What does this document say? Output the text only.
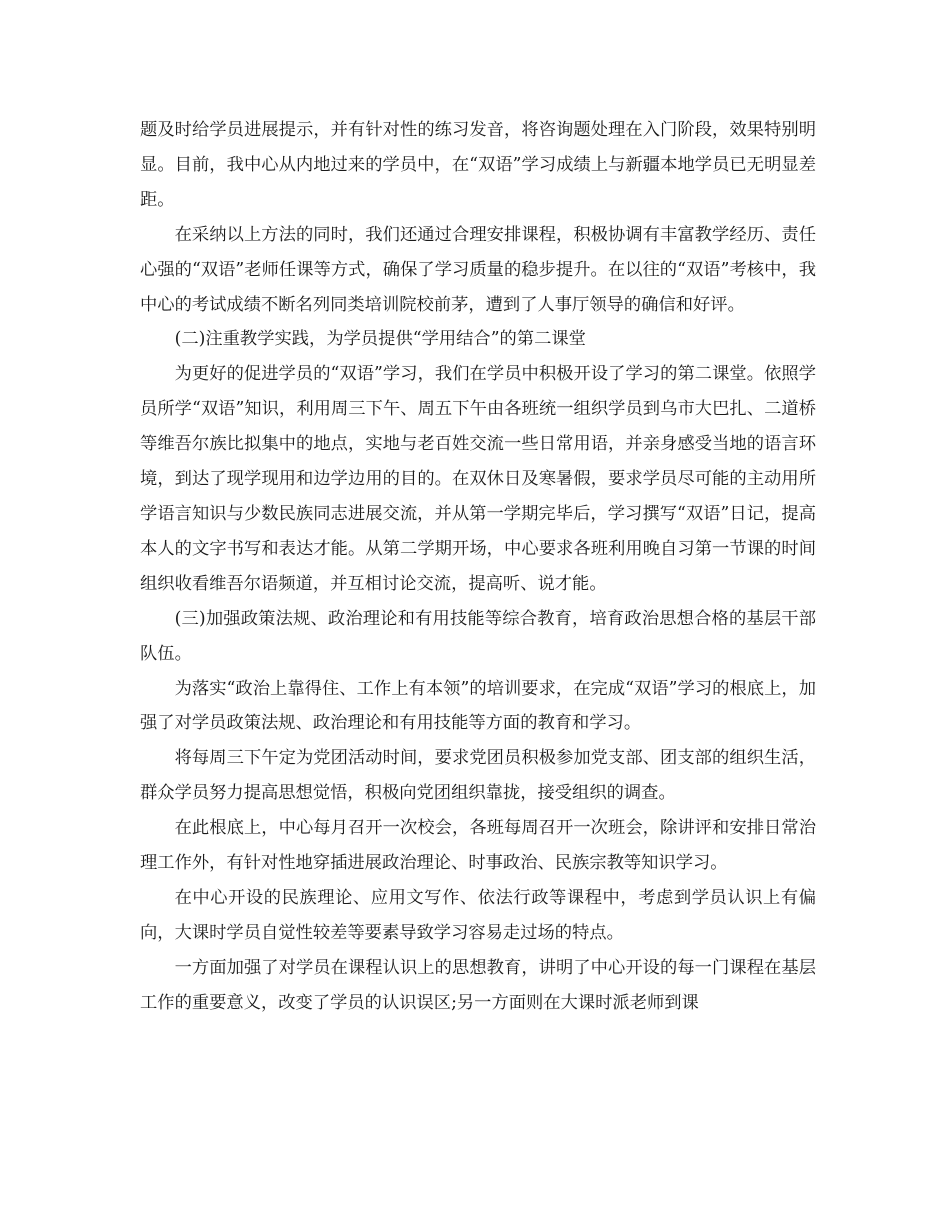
题及时给学员进展提示，并有针对性的练习发音，将咨询题处理在入门阶段，效果特别明显。目前，我中心从内地过来的学员中，在“双语”学习成绩上与新疆本地学员已无明显差距。

在采纳以上方法的同时，我们还通过合理安排课程，积极协调有丰富教学经历、责任心强的“双语”老师任课等方式，确保了学习质量的稳步提升。在以往的“双语”考核中，我中心的考试成绩不断名列同类培训院校前茅，遭到了人事厅领导的确信和好评。

(二)注重教学实践，为学员提供“学用结合”的第二课堂

为更好的促进学员的“双语”学习，我们在学员中积极开设了学习的第二课堂。依照学员所学“双语”知识，利用周三下午、周五下午由各班统一组织学员到乌市大巴扎、二道桥等维吾尔族比拟集中的地点，实地与老百姓交流一些日常用语，并亲身感受当地的语言环境，到达了现学现用和边学边用的目的。在双休日及寒暑假，要求学员尽可能的主动用所学语言知识与少数民族同志进展交流，并从第一学期完毕后，学习撰写“双语”日记，提高本人的文字书写和表达才能。从第二学期开场，中心要求各班利用晚自习第一节课的时间组织收看维吾尔语频道，并互相讨论交流，提高听、说才能。

(三)加强政策法规、政治理论和有用技能等综合教育，培育政治思想合格的基层干部队伍。

为落实“政治上靠得住、工作上有本领”的培训要求，在完成“双语”学习的根底上，加强了对学员政策法规、政治理论和有用技能等方面的教育和学习。

将每周三下午定为党团活动时间，要求党团员积极参加党支部、团支部的组织生活，群众学员努力提高思想觉悟，积极向党团组织靠拢，接受组织的调查。

在此根底上，中心每月召开一次校会，各班每周召开一次班会，除讲评和安排日常治理工作外，有针对性地穿插进展政治理论、时事政治、民族宗教等知识学习。

在中心开设的民族理论、应用文写作、依法行政等课程中，考虑到学员认识上有偏向，大课时学员自觉性较差等要素导致学习容易走过场的特点。

一方面加强了对学员在课程认识上的思想教育，讲明了中心开设的每一门课程在基层工作的重要意义，改变了学员的认识误区;另一方面则在大课时派老师到课
